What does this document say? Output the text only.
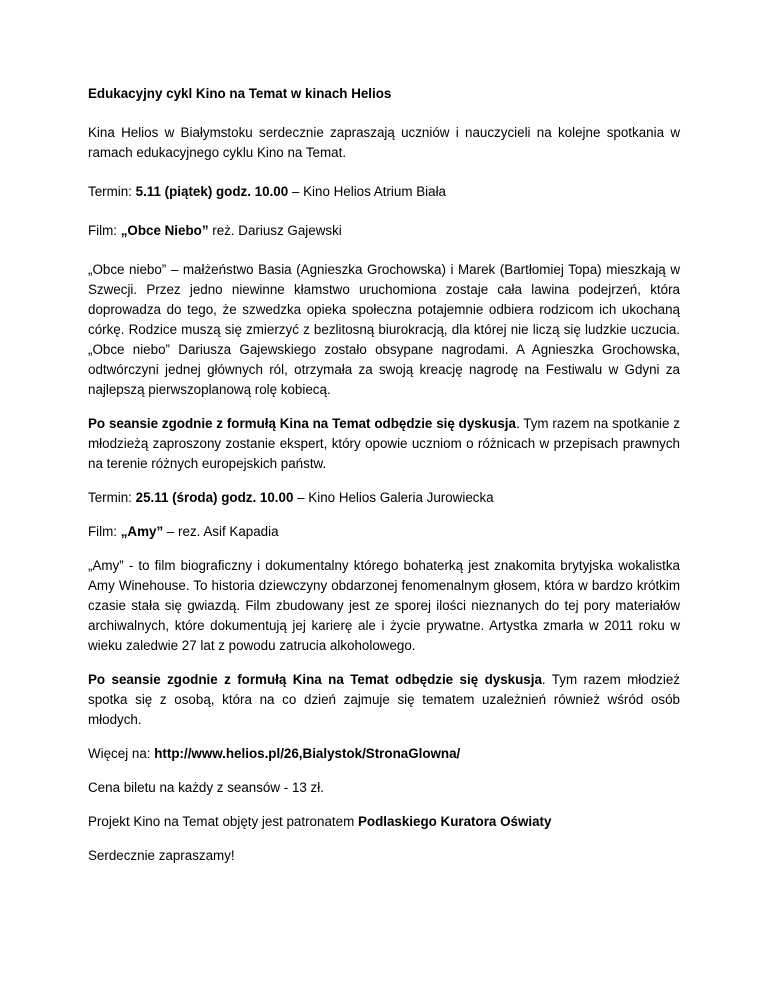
Edukacyjny cykl Kino na Temat w kinach Helios

Kina Helios w Białymstoku serdecznie zapraszają uczniów i nauczycieli na kolejne spotkania w ramach edukacyjnego cyklu Kino na Temat.

Termin: 5.11 (piątek) godz. 10.00 – Kino Helios Atrium Biała

Film: „Obce Niebo” reż. Dariusz Gajewski

„Obce niebo” – małżeństwo Basia (Agnieszka Grochowska) i Marek (Bartłomiej Topa) mieszkają w Szwecji. Przez jedno niewinne kłamstwo uruchomiona zostaje cała lawina podejrzeń, która doprowadza do tego, że szwedzka opieka społeczna potajemnie odbiera rodzicom ich ukochaną córkę. Rodzice muszą się zmierzyć z bezlitosną biurokracją, dla której nie liczą się ludzkie uczucia. „Obce niebo” Dariusza Gajewskiego zostało obsypane nagrodami. A Agnieszka Grochowska, odtwórczyni jednej głównych ról, otrzymała za swoją kreację nagrodę na Festiwalu w Gdyni za najlepszą pierwszoplanową rolę kobiecą.

Po seansie zgodnie z formułą Kina na Temat odbędzie się dyskusja. Tym razem na spotkanie z młodzieżą zaproszony zostanie ekspert, który opowie uczniom o różnicach w przepisach prawnych na terenie różnych europejskich państw.

Termin: 25.11 (środa) godz. 10.00 – Kino Helios Galeria Jurowiecka

Film: „Amy” – rez. Asif Kapadia

„Amy” - to film biograficzny i dokumentalny którego bohaterką jest znakomita brytyjska wokalistka Amy Winehouse. To historia dziewczyny obdarzonej fenomenalnym głosem, która w bardzo krótkim czasie stała się gwiazdą. Film zbudowany jest ze sporej ilości nieznanych do tej pory materiałów archiwalnych, które dokumentują jej karierę ale i życie prywatne. Artystka zmarła w 2011 roku w wieku zaledwie 27 lat z powodu zatrucia alkoholowego.

Po seansie zgodnie z formułą Kina na Temat odbędzie się dyskusja. Tym razem młodzież spotka się z osobą, która na co dzień zajmuje się tematem uzależnień również wśród osób młodych.

Więcej na: http://www.helios.pl/26,Bialystok/StronaGlowna/

Cena biletu na każdy z seansów - 13 zł.

Projekt Kino na Temat objęty jest patronatem Podlaskiego Kuratora Oświaty

Serdecznie zapraszamy!
